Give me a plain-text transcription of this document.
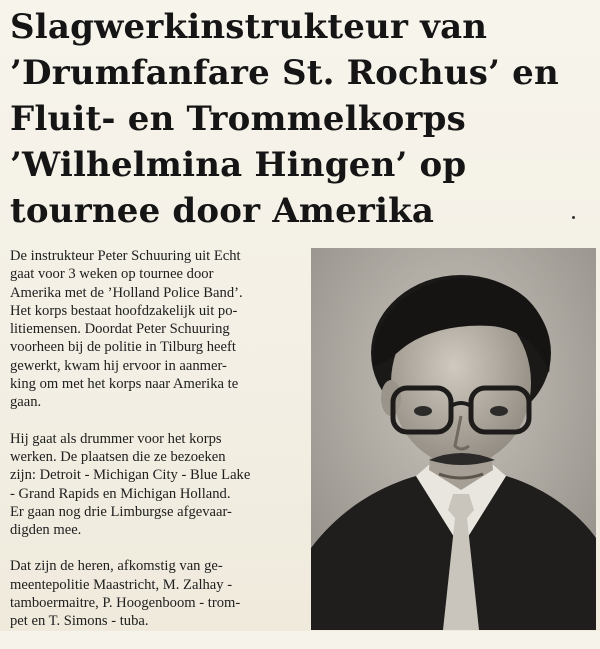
Slagwerkinstrukteur van
’Drumfanfare St. Rochus’ en
Fluit- en Trommelkorps
’Wilhelmina Hingen’ op
tournee door Amerika

De instrukteur Peter Schuuring uit Echt
gaat voor 3 weken op tournee door
Amerika met de ’Holland Police Band’.
Het korps bestaat hoofdzakelijk uit po-
litiemensen. Doordat Peter Schuuring
voorheen bij de politie in Tilburg heeft
gewerkt, kwam hij ervoor in aanmer-
king om met het korps naar Amerika te
gaan.

Hij gaat als drummer voor het korps
werken. De plaatsen die ze bezoeken
zijn: Detroit - Michigan City - Blue Lake
- Grand Rapids en Michigan Holland.
Er gaan nog drie Limburgse afgevaar-
digden mee.

Dat zijn de heren, afkomstig van ge-
meentepolitie Maastricht, M. Zalhay -
tamboermaitre, P. Hoogenboom - trom-
pet en T. Simons - tuba.
